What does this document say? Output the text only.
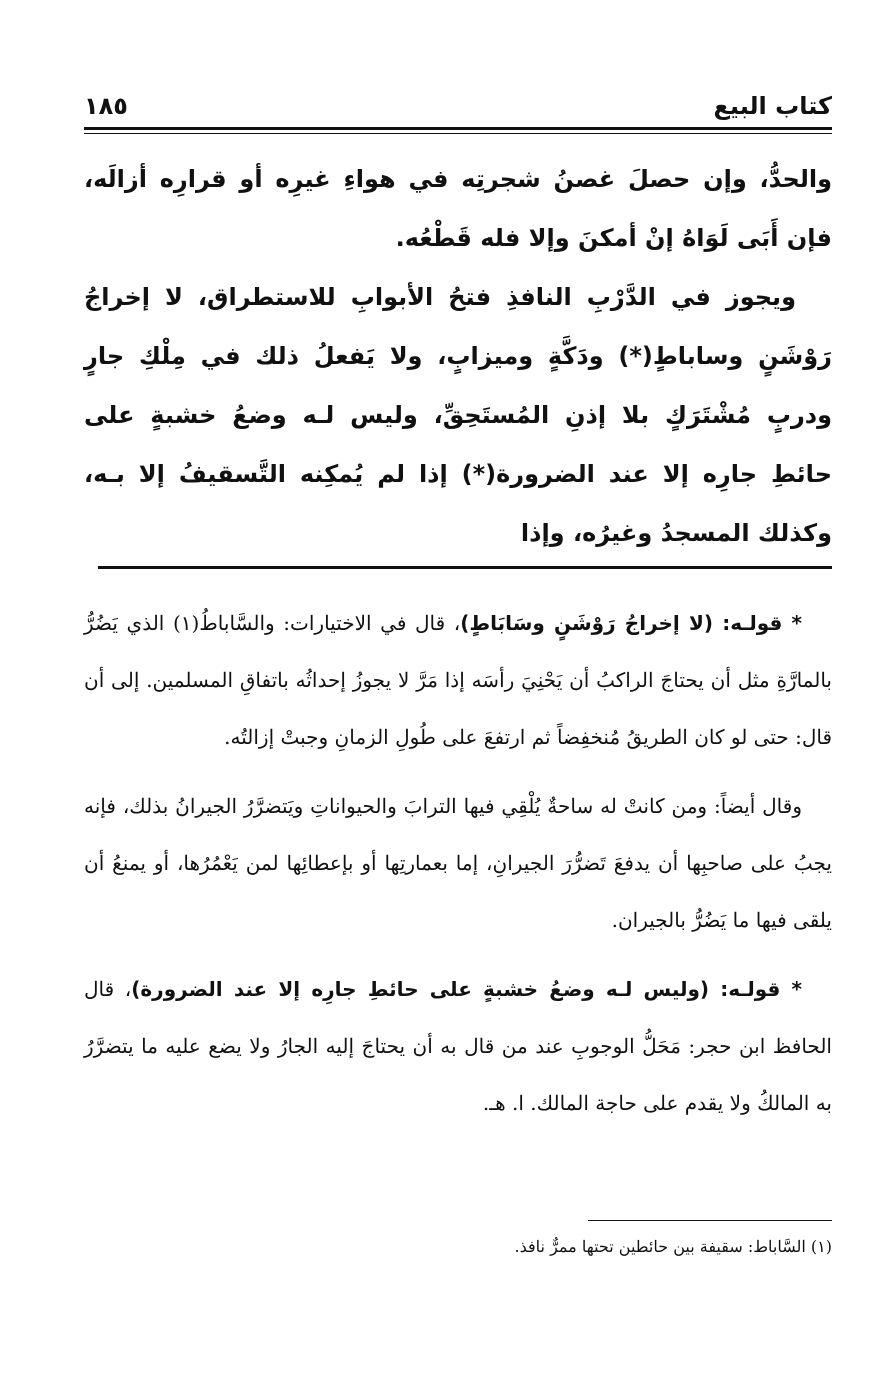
كتاب البيع
١٨٥

والحدُّ، وإن حصلَ غصنُ شجرتِه في هواءِ غيرِه أو قرارِه أزالَه، فإن أَبَى لَوَاهُ إنْ أمكنَ وإلا فله قَطْعُه.

ويجوز في الدَّرْبِ النافذِ فتحُ الأبوابِ للاستطراق، لا إخراجُ رَوْشَنٍ وساباطٍ(*) ودَكَّةٍ وميزابٍ، ولا يَفعلُ ذلك في مِلْكِ جارٍ ودربٍ مُشْتَرَكٍ بلا إذنِ المُستَحِقِّ، وليس لـه وضعُ خشبةٍ على حائطِ جارِه إلا عند الضرورة(*) إذا لم يُمكِنه التَّسقيفُ إلا بـه، وكذلك المسجدُ وغيرُه، وإذا

* قولـه: (لا إخراجُ رَوْشَنٍ وسَابَاطٍ)، قال في الاختيارات: والسَّاباطُ(١) الذي يَضُرُّ بالمارَّةِ مثل أن يحتاجَ الراكبُ أن يَحْنِيَ رأسَه إذا مَرَّ لا يجوزُ إحداثُه باتفاقِ المسلمين. إلى أن قال: حتى لو كان الطريقُ مُنخفِضاً ثم ارتفعَ على طُولِ الزمانِ وجبتْ إزالتُه.

وقال أيضاً: ومن كانتْ له ساحةٌ يُلْقِي فيها الترابَ والحيواناتِ ويَتضرَّرُ الجيرانُ بذلك، فإنه يجبُ على صاحبِها أن يدفعَ تَضرُّرَ الجيرانِ، إما بعمارتِها أو بإعطائِها لمن يَعْمُرُها، أو يمنعُ أن يلقى فيها ما يَضُرُّ بالجيران.

* قولـه: (وليس لـه وضعُ خشبةٍ على حائطِ جارِه إلا عند الضرورة)، قال الحافظ ابن حجر: مَحَلُّ الوجوبِ عند من قال به أن يحتاجَ إليه الجارُ ولا يضع عليه ما يتضرَّرُ به المالكُ ولا يقدم على حاجة المالك. ا. هـ.

(١) السَّاباط: سقيفة بين حائطين تحتها ممرٌّ نافذ.
